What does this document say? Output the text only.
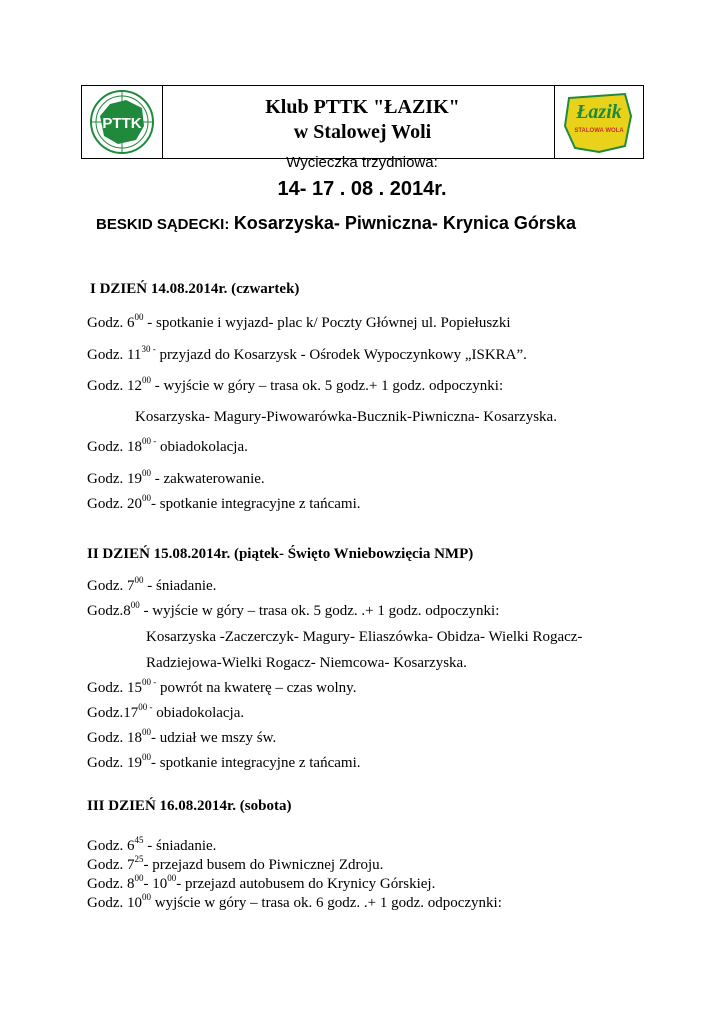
PTTK
Klub PTTK "ŁAZIK"
w Stalowej Woli
Łazik
STALOWA WOLA
Wycieczka trzydniowa:
14- 17 . 08 . 2014r.
BESKID SĄDECKI: Kosarzyska- Piwniczna- Krynica Górska
I DZIEŃ 14.08.2014r. (czwartek)
Godz. $6^{00}$ - spotkanie i wyjazd- plac k/ Poczty Głównej ul. Popiełuszki
Godz. $11^{30 -}$ przyjazd do Kosarzysk - Ośrodek Wypoczynkowy „ISKRA”.
Godz. $12^{00}$ - wyjście w góry – trasa ok. 5 godz.+ 1 godz. odpoczynki:
Kosarzyska- Magury-Piwowarówka-Bucznik-Piwniczna- Kosarzyska.
Godz. $18^{00 -}$ obiadokolacja.
Godz. $19^{00}$ - zakwaterowanie.
Godz. $20^{00}-$ spotkanie integracyjne z tańcami.
II DZIEŃ 15.08.2014r. (piątek- Święto Wniebowzięcia NMP)
Godz. $7^{00}$ - śniadanie.
$Godz.8^{00}$ - wyjście w góry – trasa ok. 5 godz. .+ 1 godz. odpoczynki:
Kosarzyska -Zaczerczyk- Magury- Eliaszówka- Obidza- Wielki Rogacz-
Radziejowa-Wielki Rogacz- Niemcowa- Kosarzyska.
Godz. $15^{00 -}$ powrót na kwaterę – czas wolny.
$Godz.17^{00 -}$ obiadokolacja.
Godz. $18^{00}-$ udział we mszy św.
Godz. $19^{00}-$ spotkanie integracyjne z tańcami.
III DZIEŃ 16.08.2014r. (sobota)
Godz. $6^{45}$ - śniadanie.
Godz. $7^{25}-$ przejazd busem do Piwnicznej Zdroju.
Godz. $8^{00}-$ $10^{00}-$ przejazd autobusem do Krynicy Górskiej.
Godz. $10^{00}$ wyjście w góry – trasa ok. 6 godz. .+ 1 godz. odpoczynki:
